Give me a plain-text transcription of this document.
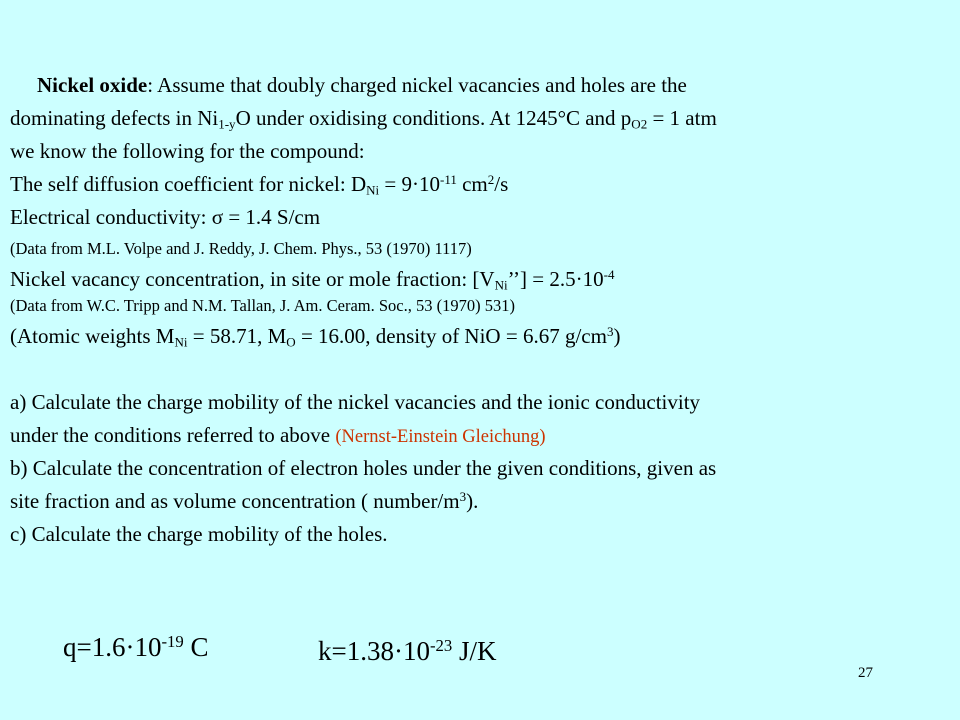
Nickel oxide: Assume that doubly charged nickel vacancies and holes are the
dominating defects in $Ni_{1-y}O$ under oxidising conditions. At 1245°C and $p_{O2} = 1$ atm
we know the following for the compound:
The self diffusion coefficient for nickel: $D_{Ni} = 9\cdot 10^{-11}$ $cm^2/s$
Electrical conductivity: σ = 1.4 S/cm
(Data from M.L. Volpe and J. Reddy, J. Chem. Phys., 53 (1970) 1117)
Nickel vacancy concentration, in site or mole fraction: $[V_{Ni}’’] = 2.5\cdot 10^{-4}$
(Data from W.C. Tripp and N.M. Tallan, J. Am. Ceram. Soc., 53 (1970) 531)
(Atomic weights $M_{Ni} = 58.71$, $M_O = 16.00$, density of NiO = 6.67 $g/cm^3$)
a) Calculate the charge mobility of the nickel vacancies and the ionic conductivity
under the conditions referred to above (Nernst-Einstein Gleichung)
b) Calculate the concentration of electron holes under the given conditions, given as
site fraction and as volume concentration ( number/$m^3$).
c) Calculate the charge mobility of the holes.
$q=1.6\cdot 10^{-19}$ C	$k=1.38\cdot 10^{-23}$ J/K
27
